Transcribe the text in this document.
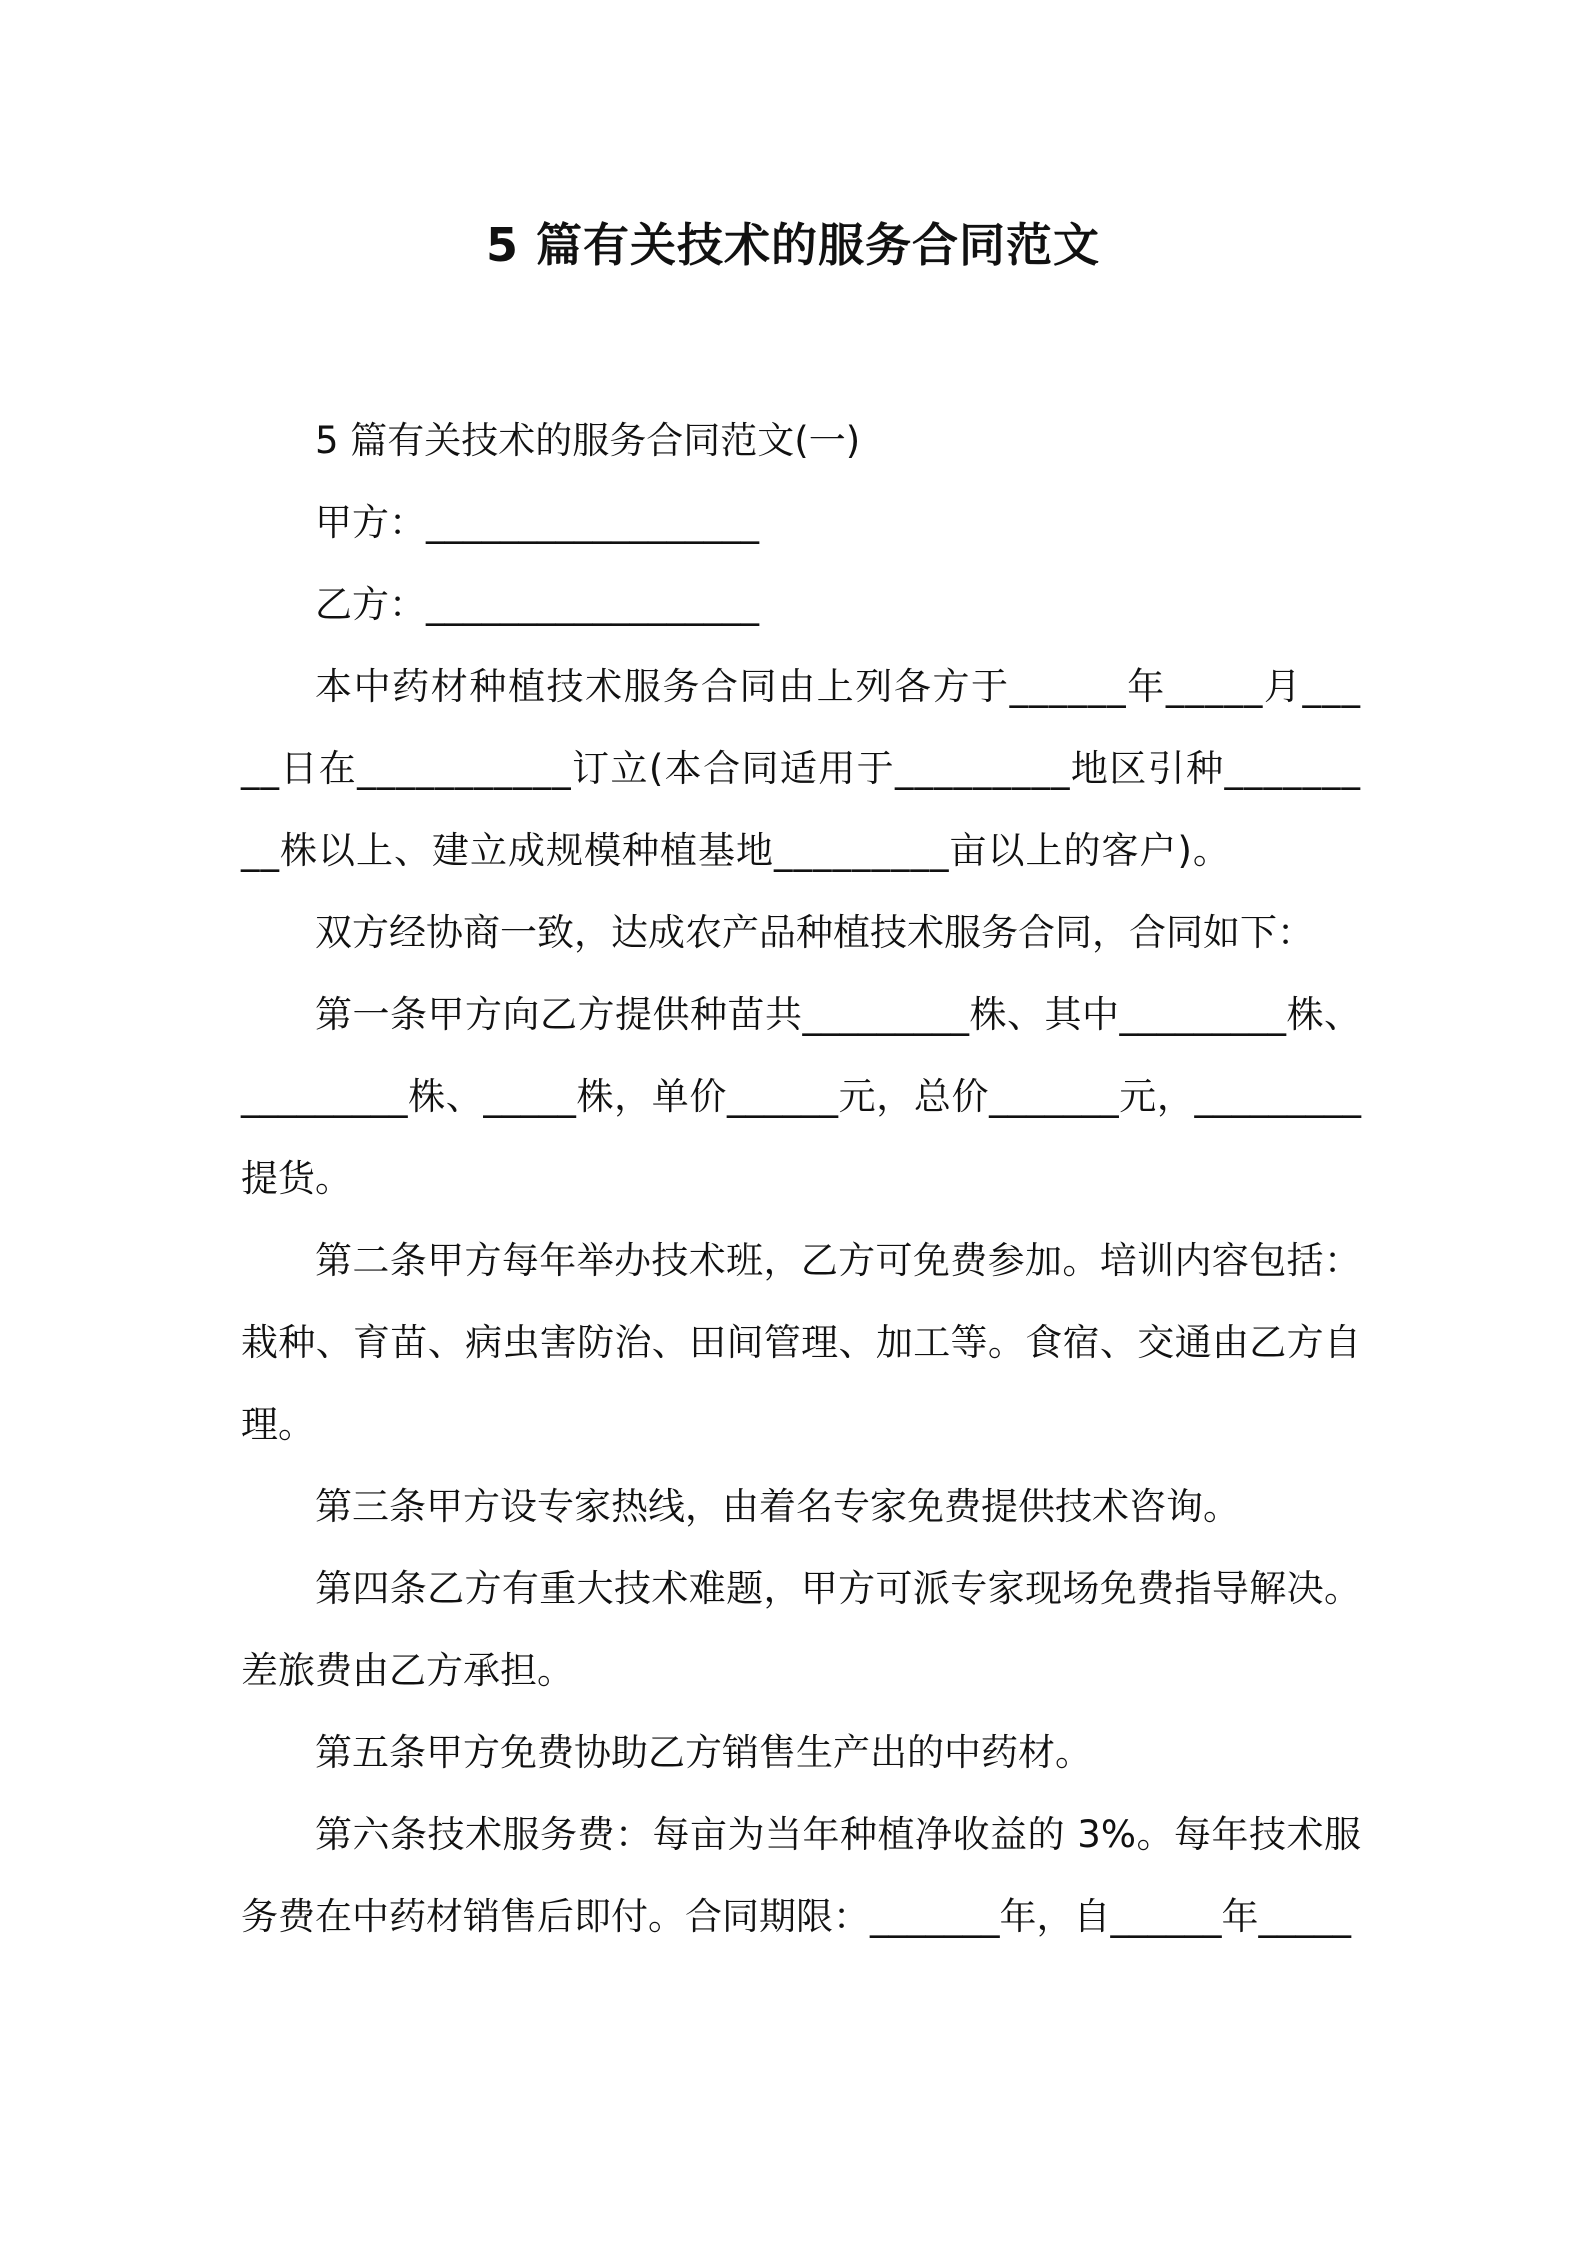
5 篇有关技术的服务合同范文

5 篇有关技术的服务合同范文(一)

甲方：__________________

乙方：__________________

本中药材种植技术服务合同由上列各方于______年_____月_____日在___________订立(本合同适用于_________地区引种_________株以上、建立成规模种植基地_________亩以上的客户)。

双方经协商一致，达成农产品种植技术服务合同，合同如下：

第一条甲方向乙方提供种苗共_________株、其中_________株、_________株、_____株，单价______元，总价_______元，_________提货。

第二条甲方每年举办技术班，乙方可免费参加。培训内容包括：栽种、育苗、病虫害防治、田间管理、加工等。食宿、交通由乙方自理。

第三条甲方设专家热线，由着名专家免费提供技术咨询。

第四条乙方有重大技术难题，甲方可派专家现场免费指导解决。差旅费由乙方承担。

第五条甲方免费协助乙方销售生产出的中药材。

第六条技术服务费：每亩为当年种植净收益的 3%。每年技术服务费在中药材销售后即付。合同期限：_______年，自______年_____
